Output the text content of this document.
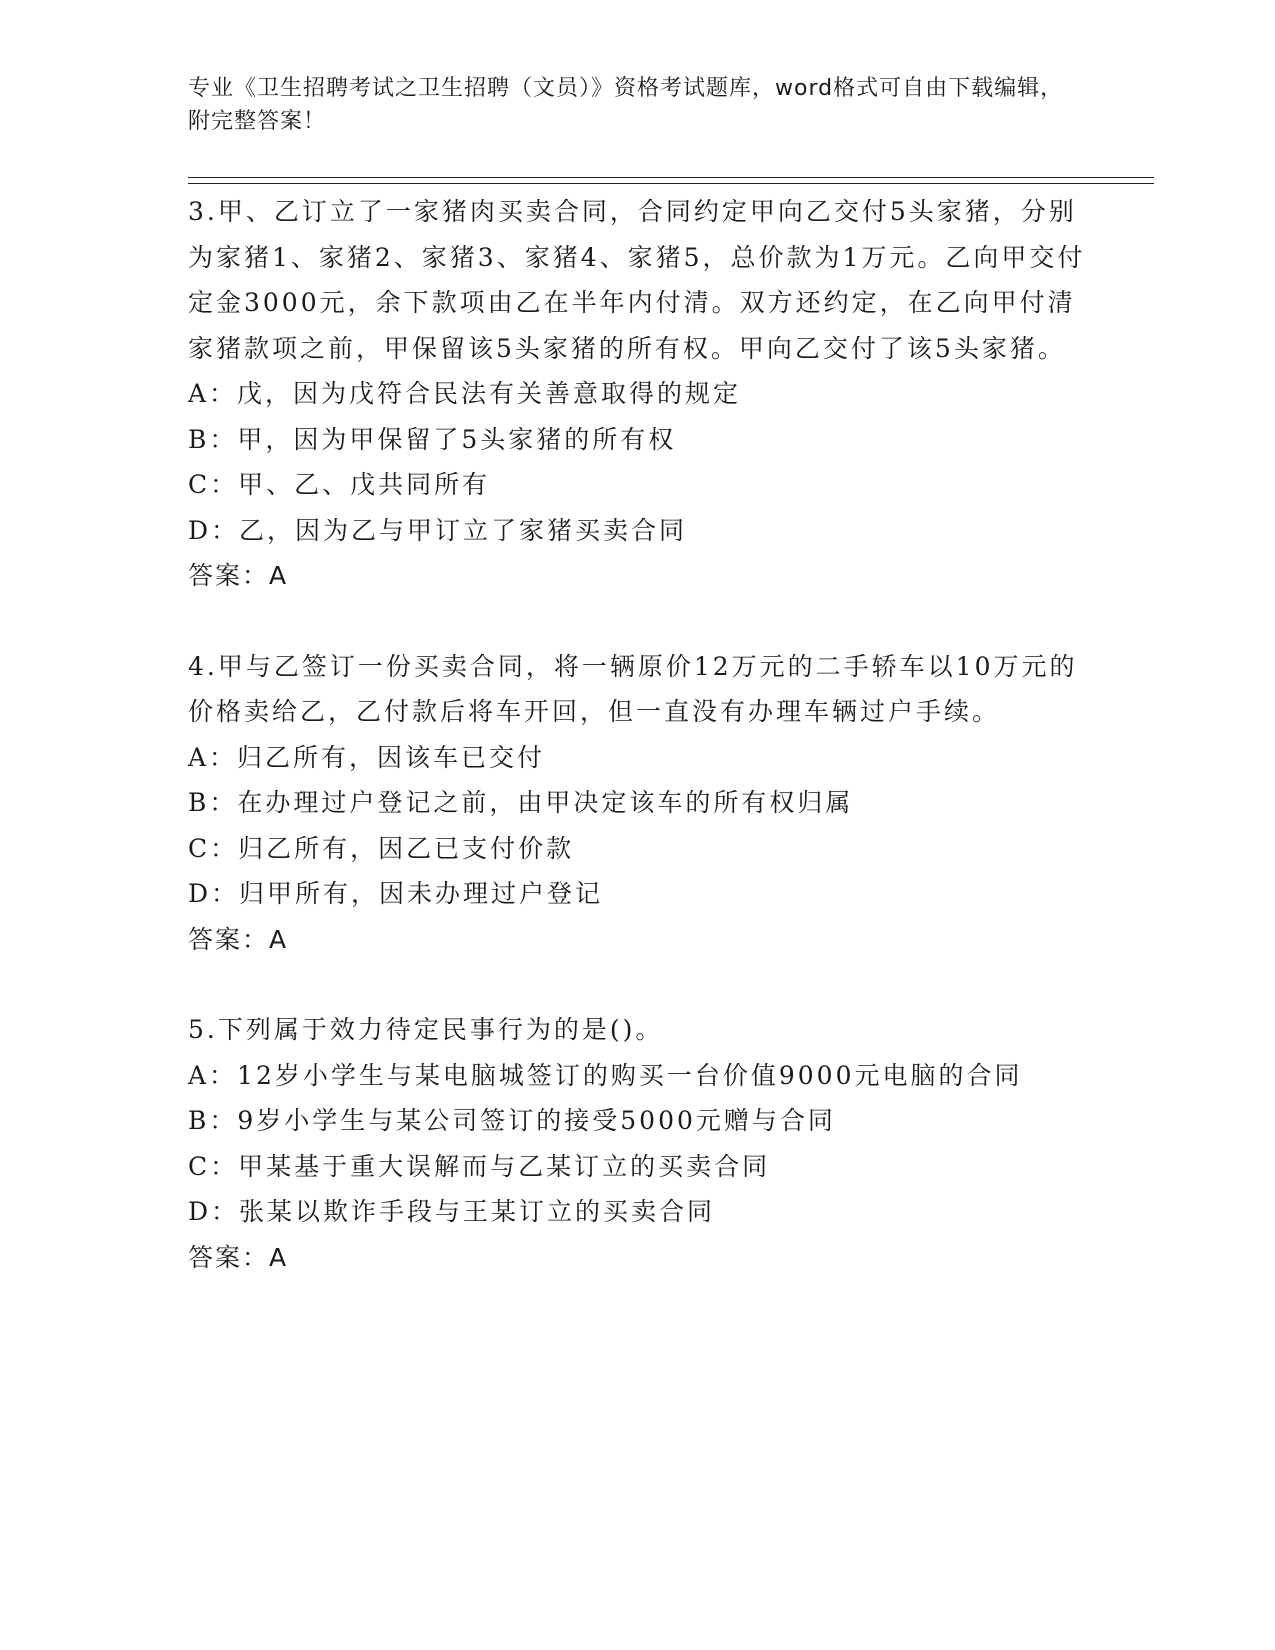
专业《卫生招聘考试之卫生招聘（文员）》资格考试题库，word格式可自由下载编辑，附完整答案！

3.甲、乙订立了一家猪肉买卖合同，合同约定甲向乙交付5头家猪，分别为家猪1、家猪2、家猪3、家猪4、家猪5，总价款为1万元。乙向甲交付定金3000元，余下款项由乙在半年内付清。双方还约定，在乙向甲付清家猪款项之前，甲保留该5头家猪的所有权。甲向乙交付了该5头家猪。

A：戊，因为戊符合民法有关善意取得的规定

B：甲，因为甲保留了5头家猪的所有权

C：甲、乙、戊共同所有

D：乙，因为乙与甲订立了家猪买卖合同

答案：A

4.甲与乙签订一份买卖合同，将一辆原价12万元的二手轿车以10万元的价格卖给乙，乙付款后将车开回，但一直没有办理车辆过户手续。

A：归乙所有，因该车已交付

B：在办理过户登记之前，由甲决定该车的所有权归属

C：归乙所有，因乙已支付价款

D：归甲所有，因未办理过户登记

答案：A

5.下列属于效力待定民事行为的是()。

A：12岁小学生与某电脑城签订的购买一台价值9000元电脑的合同

B：9岁小学生与某公司签订的接受5000元赠与合同

C：甲某基于重大误解而与乙某订立的买卖合同

D：张某以欺诈手段与王某订立的买卖合同

答案：A
